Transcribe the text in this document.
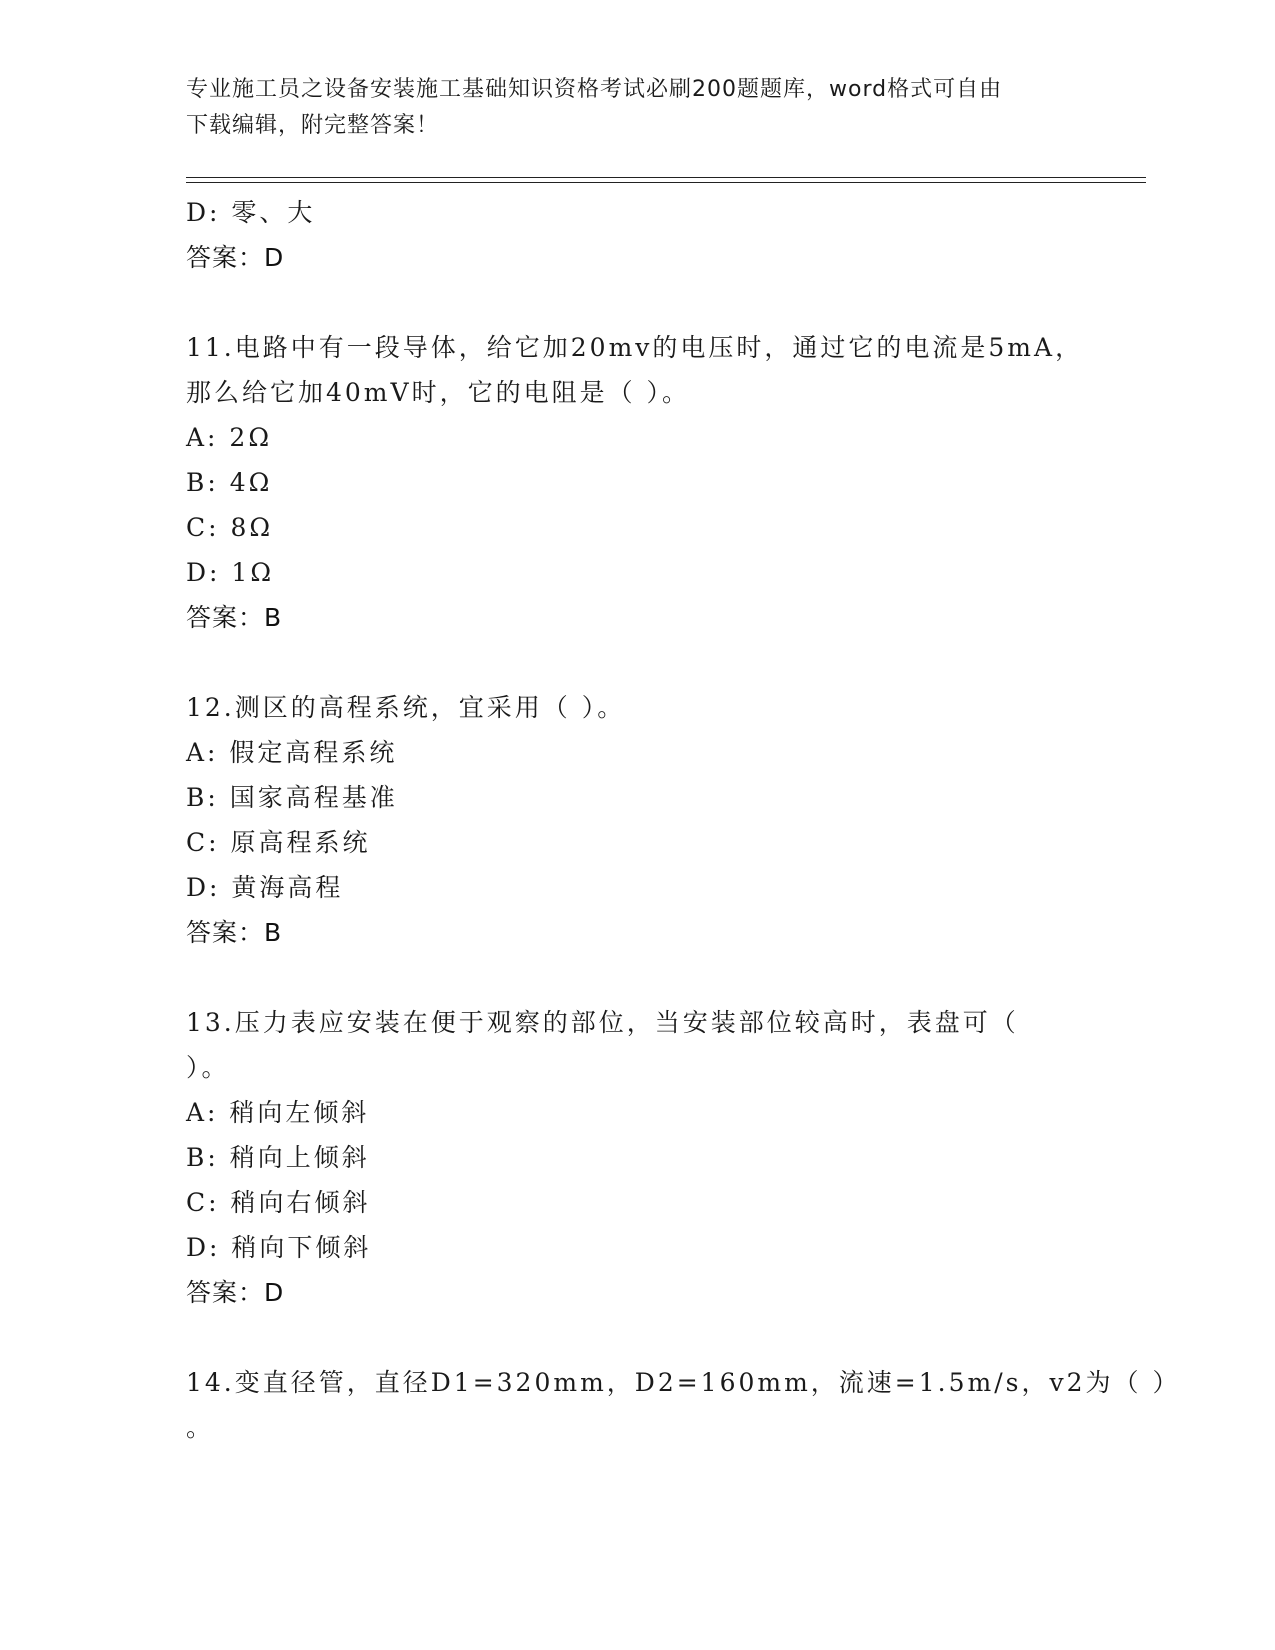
专业施工员之设备安装施工基础知识资格考试必刷200题题库，word格式可自由
下载编辑，附完整答案！
D: 零、大
答案：D
11.电路中有一段导体，给它加20mv的电压时，通过它的电流是5mA，
那么给它加40mV时，它的电阻是（ ）。
A: 2Ω
B: 4Ω
C: 8Ω
D: 1Ω
答案：B
12.测区的高程系统，宜采用（ ）。
A: 假定高程系统
B: 国家高程基准
C: 原高程系统
D: 黄海高程
答案：B
13.压力表应安装在便于观察的部位，当安装部位较高时，表盘可（
）。
A: 稍向左倾斜
B: 稍向上倾斜
C: 稍向右倾斜
D: 稍向下倾斜
答案：D
14.变直径管，直径D1=320mm，D2=160mm，流速=1.5m/s，v2为（ ）
。
